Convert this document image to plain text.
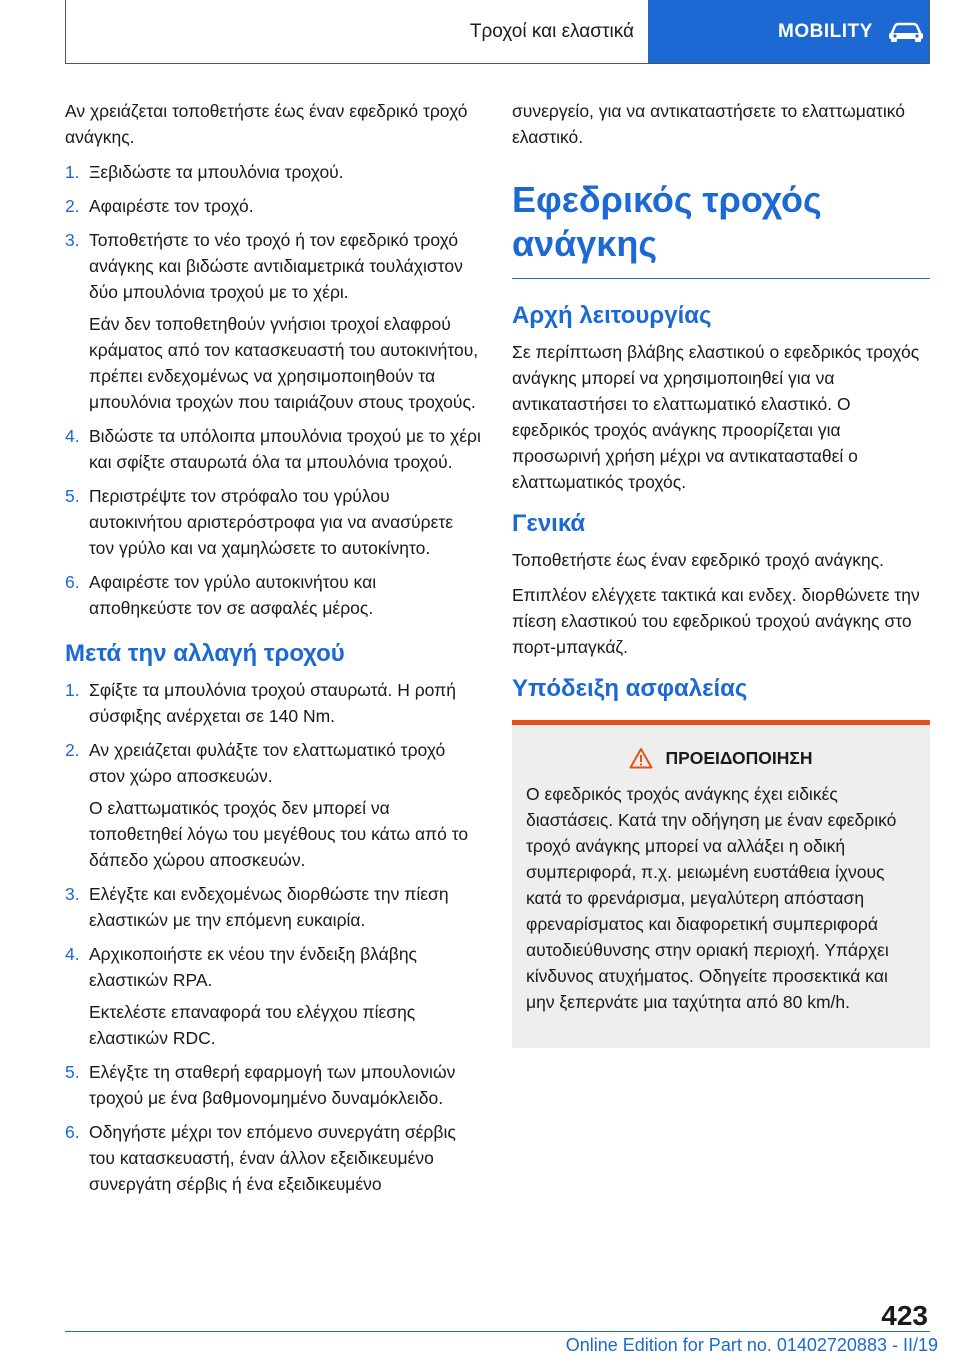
Τροχοί και ελαστικά	MOBILITY

Αν χρειάζεται τοποθετήστε έως έναν εφεδρικό τροχό ανάγκης.

1. Ξεβιδώστε τα μπουλόνια τροχού.

2. Αφαιρέστε τον τροχό.

3. Τοποθετήστε το νέο τροχό ή τον εφεδρικό τροχό ανάγκης και βιδώστε αντιδιαμετρικά τουλάχιστον δύο μπουλόνια τροχού με το χέρι.

Εάν δεν τοποθετηθούν γνήσιοι τροχοί ελαφρού κράματος από τον κατασκευαστή του αυτοκινήτου, πρέπει ενδεχομένως να χρησιμοποιηθούν τα μπουλόνια τροχών που ταιριάζουν στους τροχούς.

4. Βιδώστε τα υπόλοιπα μπουλόνια τροχού με το χέρι και σφίξτε σταυρωτά όλα τα μπουλόνια τροχού.

5. Περιστρέψτε τον στρόφαλο του γρύλου αυτοκινήτου αριστερόστροφα για να ανασύρετε τον γρύλο και να χαμηλώσετε το αυτοκίνητο.

6. Αφαιρέστε τον γρύλο αυτοκινήτου και αποθηκεύστε τον σε ασφαλές μέρος.

Μετά την αλλαγή τροχού
1. Σφίξτε τα μπουλόνια τροχού σταυρωτά. Η ροπή σύσφιξης ανέρχεται σε 140 Nm.

2. Αν χρειάζεται φυλάξτε τον ελαττωματικό τροχό στον χώρο αποσκευών.

Ο ελαττωματικός τροχός δεν μπορεί να τοποθετηθεί λόγω του μεγέθους του κάτω από το δάπεδο χώρου αποσκευών.

3. Ελέγξτε και ενδεχομένως διορθώστε την πίεση ελαστικών με την επόμενη ευκαιρία.

4. Αρχικοποιήστε εκ νέου την ένδειξη βλάβης ελαστικών RPA.

Εκτελέστε επαναφορά του ελέγχου πίεσης ελαστικών RDC.

5. Ελέγξτε τη σταθερή εφαρμογή των μπουλονιών τροχού με ένα βαθμονομημένο δυναμόκλειδο.

6. Οδηγήστε μέχρι τον επόμενο συνεργάτη σέρβις του κατασκευαστή, έναν άλλον εξειδικευμένο συνεργάτη σέρβις ή ένα εξειδικευμένο

συνεργείο, για να αντικαταστήσετε το ελαττωματικό ελαστικό.

Εφεδρικός τροχός ανάγκης
Αρχή λειτουργίας

Σε περίπτωση βλάβης ελαστικού ο εφεδρικός τροχός ανάγκης μπορεί να χρησιμοποιηθεί για να αντικαταστήσει το ελαττωματικό ελαστικό. Ο εφεδρικός τροχός ανάγκης προορίζεται για προσωρινή χρήση μέχρι να αντικατασταθεί ο ελαττωματικός τροχός.

Γενικά

Τοποθετήστε έως έναν εφεδρικό τροχό ανάγκης.

Επιπλέον ελέγχετε τακτικά και ενδεχ. διορθώνετε την πίεση ελαστικού του εφεδρικού τροχού ανάγκης στο πορτ-μπαγκάζ.

Υπόδειξη ασφαλείας
ΠΡΟΕΙΔΟΠΟΙΗΣΗ

Ο εφεδρικός τροχός ανάγκης έχει ειδικές διαστάσεις. Κατά την οδήγηση με έναν εφεδρικό τροχό ανάγκης μπορεί να αλλάξει η οδική συμπεριφορά, π.χ. μειωμένη ευστάθεια ίχνους κατά το φρενάρισμα, μεγαλύτερη απόσταση φρεναρίσματος και διαφορετική συμπεριφορά αυτοδιεύθυνσης στην οριακή περιοχή. Υπάρχει κίνδυνος ατυχήματος. Οδηγείτε προσεκτικά και μην ξεπερνάτε μια ταχύτητα από 80 km/h.

423
Online Edition for Part no. 01402720883 - II/19
